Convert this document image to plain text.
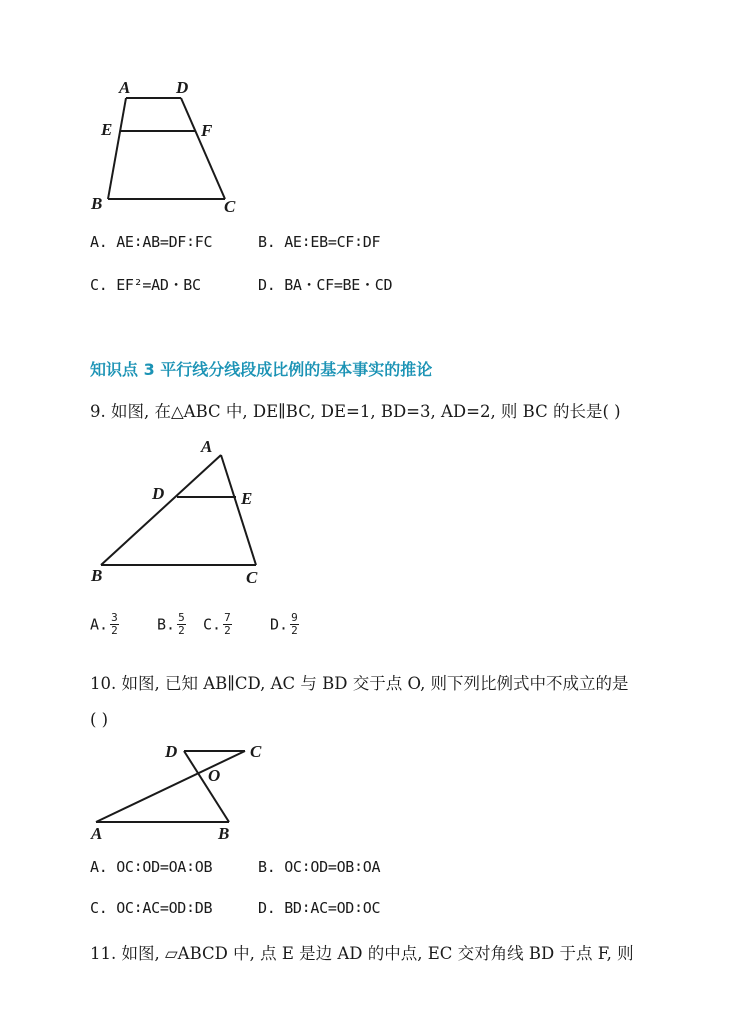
A	D
E	F
B	C
A. AE∶AB=DF∶FC	B. AE∶EB=CF∶DF
C. EF²=AD・BC	D. BA・CF=BE・CD
知识点 3 平行线分线段成比例的基本事实的推论
9. 如图, 在△ABC 中, DE∥BC, DE=1, BD=3, AD=2, 则 BC 的长是( )
A
D	E
B	C
A. $\frac{3}{2}$	B. $\frac{5}{2} C$. $\frac{7}{2}$	D. $\frac{9}{2}$
10. 如图, 已知 AB∥CD, AC 与 BD 交于点 O, 则下列比例式中不成立的是
( )
D	C
O
A	B
A. OC∶OD=OA∶OB	B. OC∶OD=OB∶OA
C. OC∶AC=OD∶DB	D. BD∶AC=OD∶OC
11. 如图, ▱ABCD 中, 点 E 是边 AD 的中点, EC 交对角线 BD 于点 F, 则
